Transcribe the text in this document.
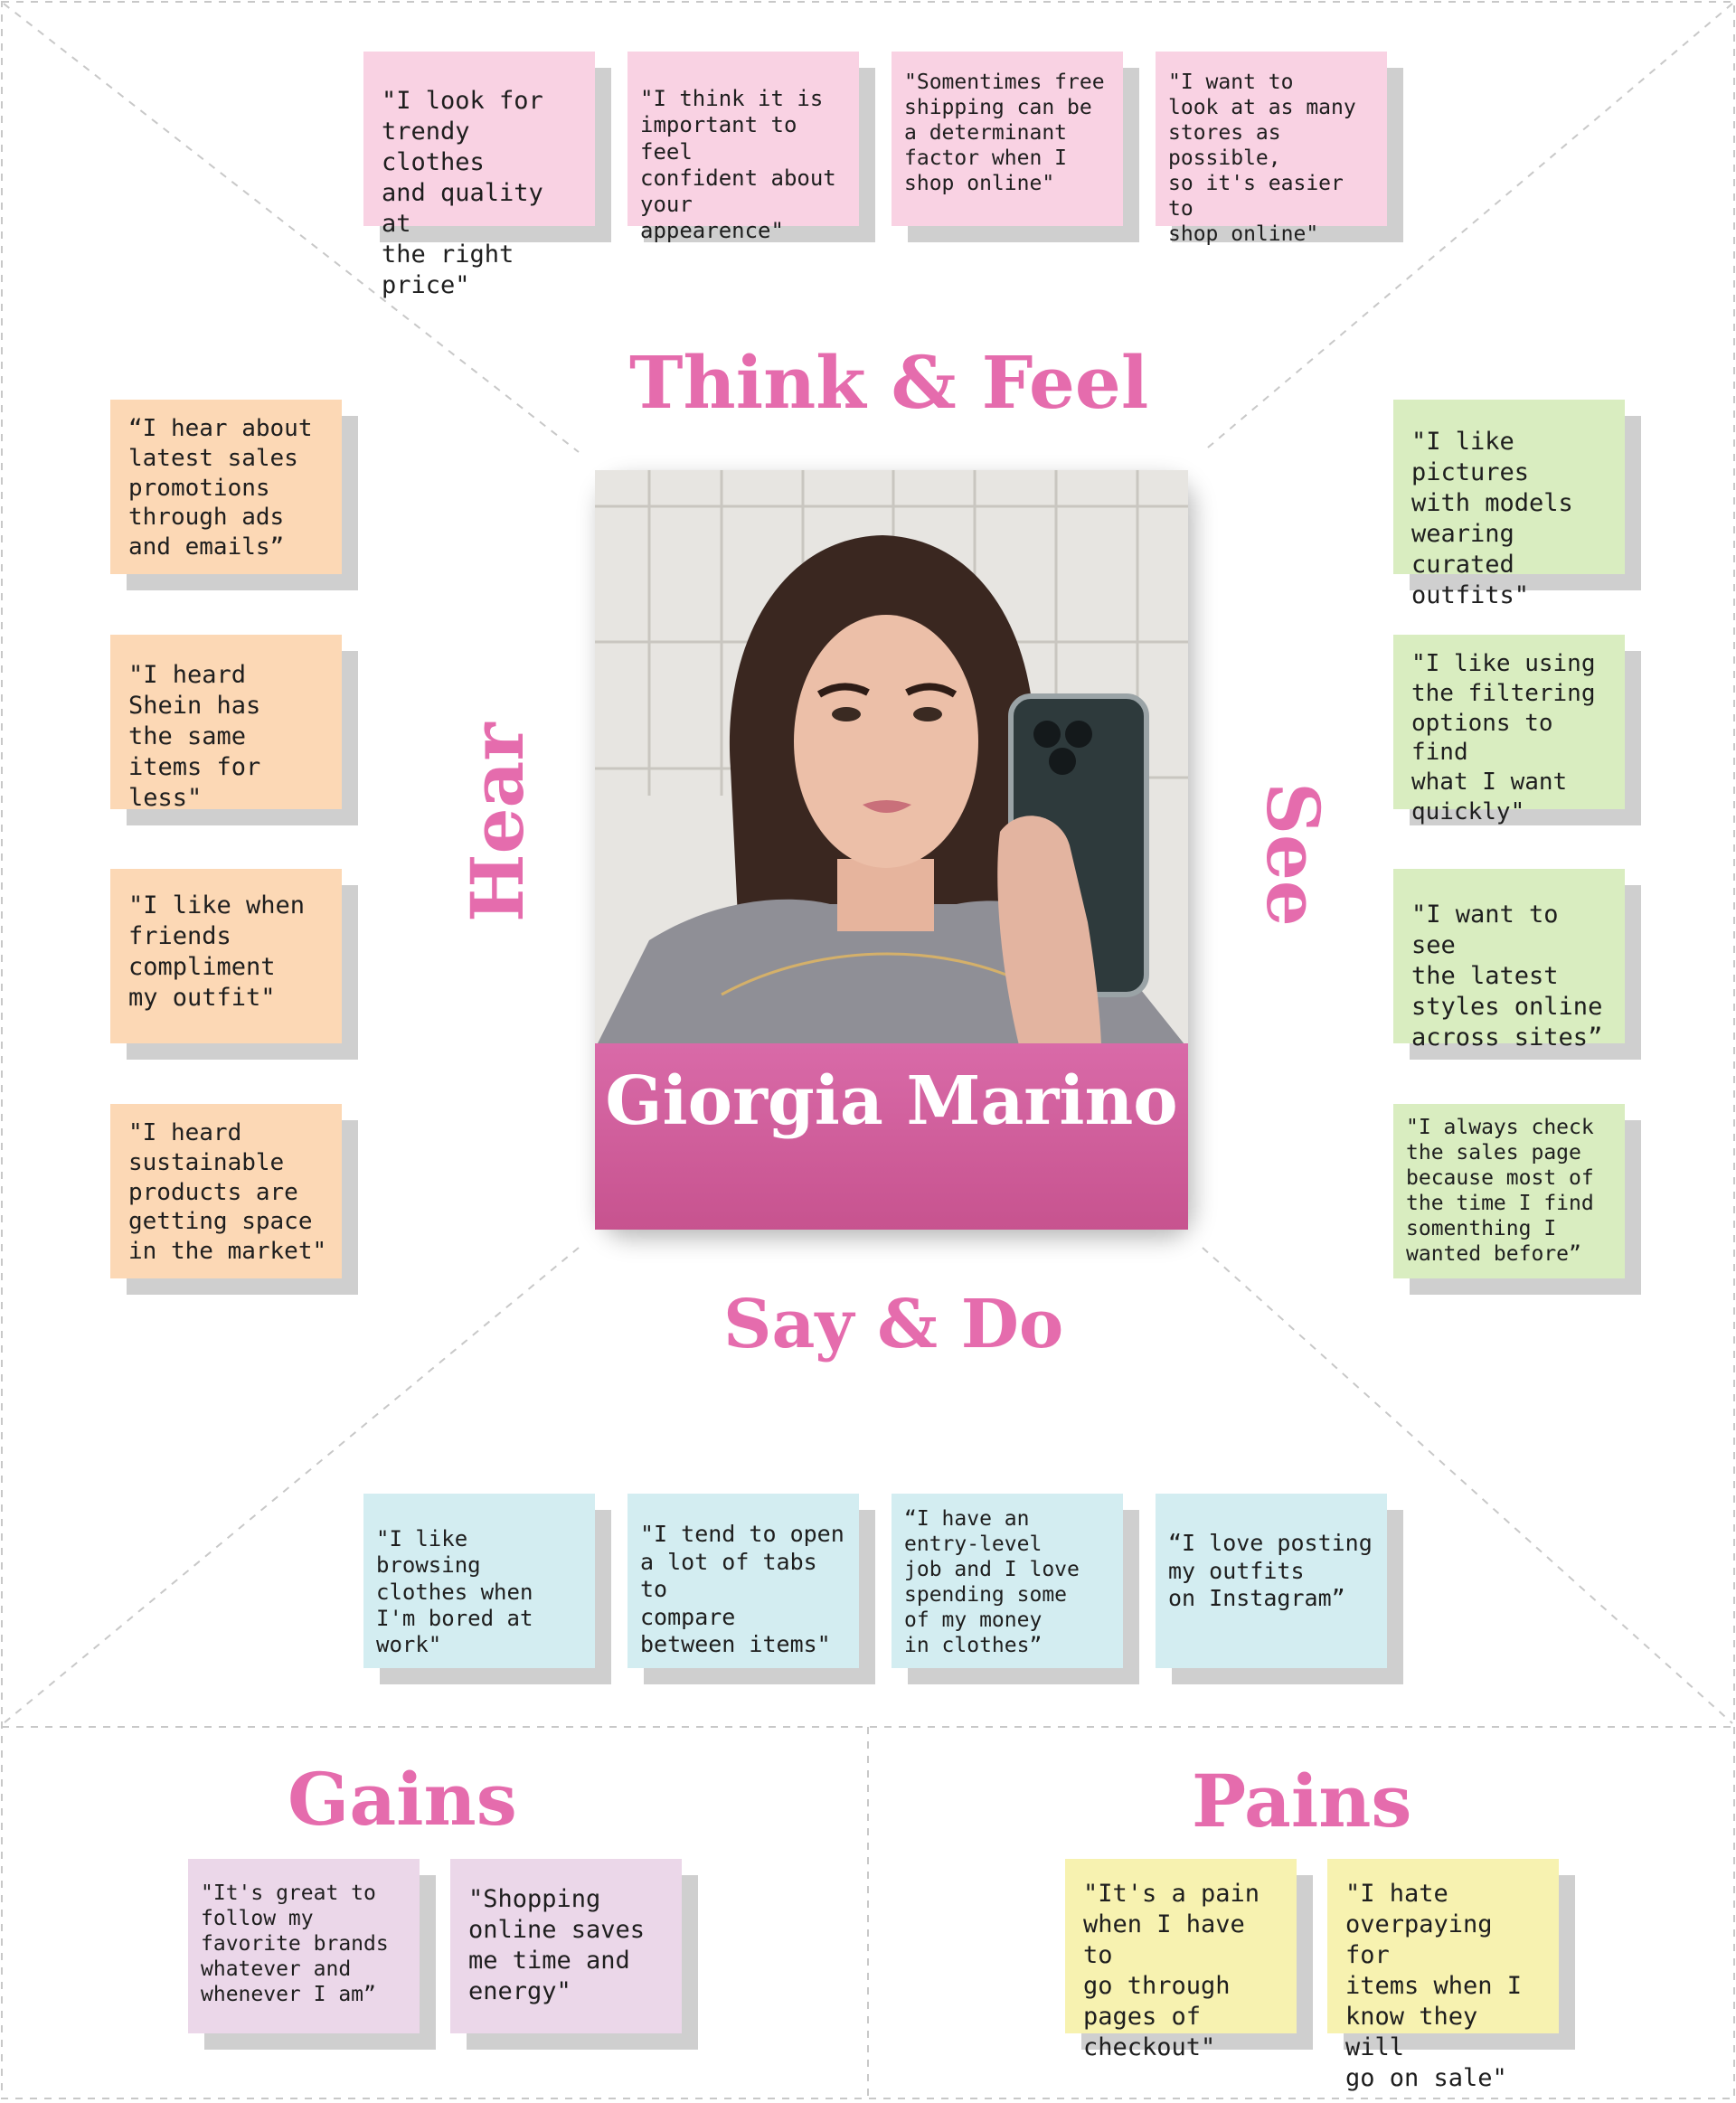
Think & Feel
Hear	See
Say & Do
Gains	Pains
"I look for
trendy clothes
and quality at
the right price"
"I think it is
important to feel
confident about
your appearence"
"Somentimes free
shipping can be
a determinant
factor when I
shop online"
"I want to
look at as many
stores as possible,
so it's easier to
shop online"
“I hear about
latest sales
promotions
through ads
and emails”
"I heard
Shein has
the same
items for less"
"I like when
friends
compliment
my outfit"
"I heard
sustainable
products are
getting space
in the market"
"I like pictures
with models
wearing
curated outfits"
"I like using
the filtering
options to find
what I want
quickly"
"I want to see
the latest
styles online
across sites”
"I always check
the sales page
because most of
the time I find
somenthing I
wanted before”
"I like browsing
clothes when
I'm bored at
work"
"I tend to open
a lot of tabs to
compare
between items"
“I have an
entry-level
job and I love
spending some
of my money
in clothes”
“I love posting
my outfits
on Instagram”
"It's great to
follow my
favorite brands
whatever and
whenever I am”
"Shopping
online saves
me time and
energy"
"It's a pain
when I have to
go through
pages of
checkout"
"I hate
overpaying for
items when I
know they will
go on sale"
Giorgia Marino
